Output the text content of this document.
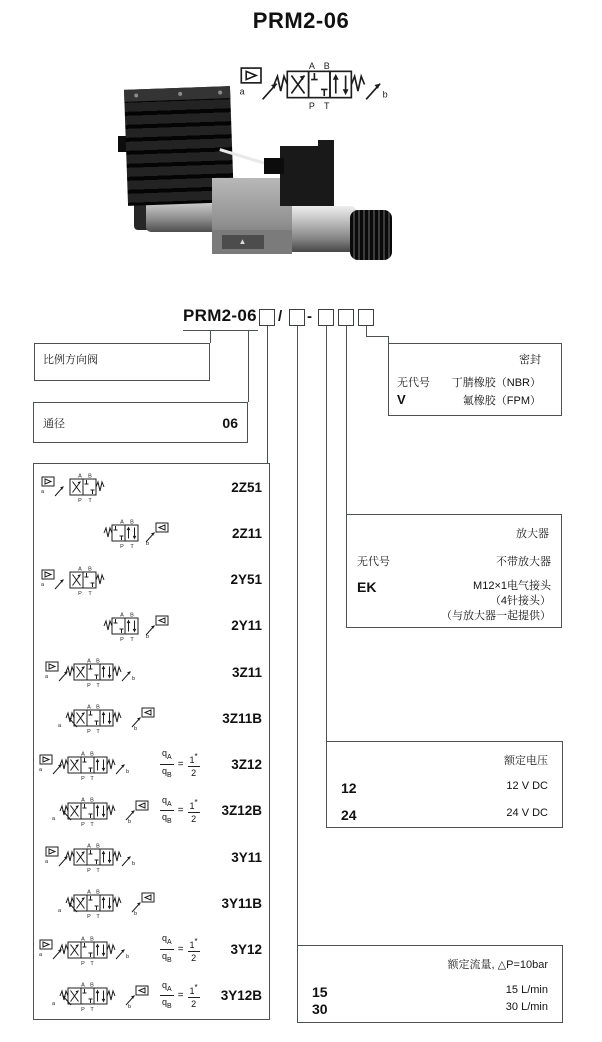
PRM2-06
▲
PRM2-06 / -
比例方向阀
通径	06
密封
无代号 丁腈橡胶（NBR）
V	氟橡胶（FPM）
放大器
无代号	不带放大器
EK	M12×1电气接头
（4针接头）
（与放大器一起提供）
额定电压
12	12 V DC
24	24 V DC
额定流量, △P=10bar
15	15 L/min
30	30 L/min
2Z51
2Z11
2Y51
2Y11
3Z11
3Z11B
$\frac{q_A}{q_B} = \frac{1*}{2}$	3Z12
$\frac{q_A}{q_B} = \frac{1*}{2}$	3Z12B
3Y11
3Y11B
$\frac{q_A}{q_B} = \frac{1*}{2}$	3Y12
$\frac{q_A}{q_B} = \frac{1*}{2}$	3Y12B
